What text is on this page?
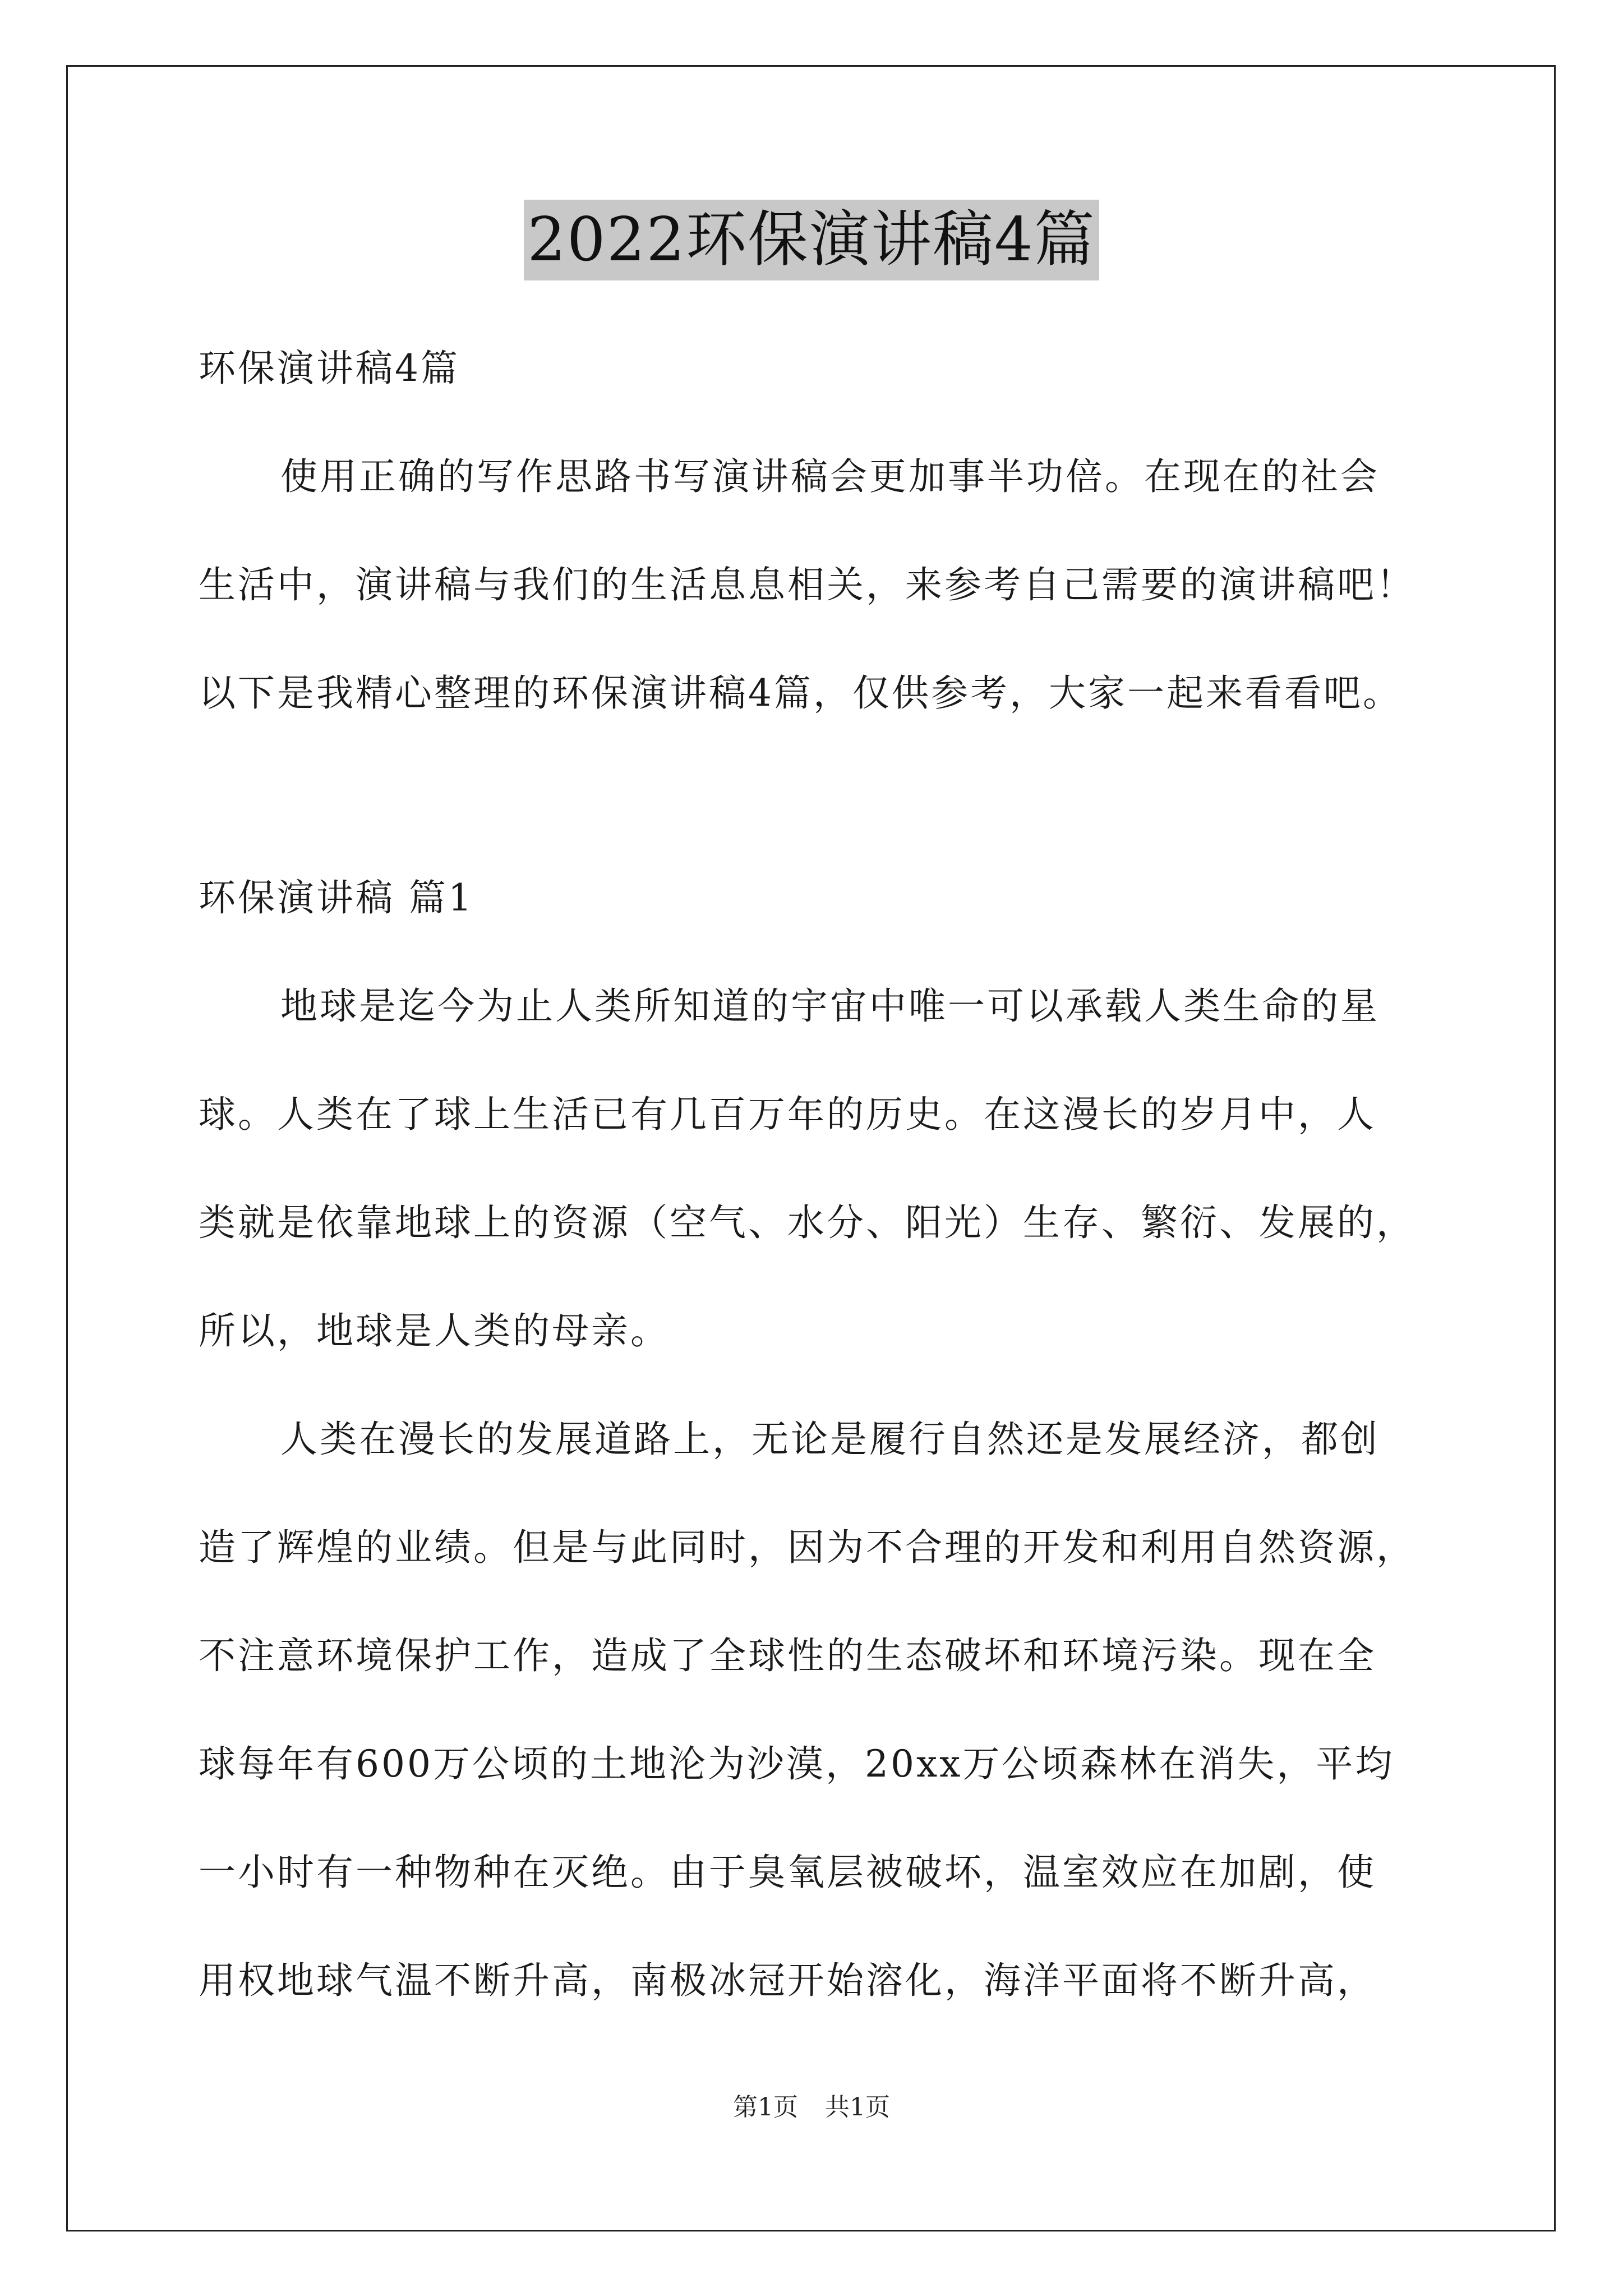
2022环保演讲稿4篇
环保演讲稿4篇
使用正确的写作思路书写演讲稿会更加事半功倍。在现在的社会
生活中，演讲稿与我们的生活息息相关，来参考自己需要的演讲稿吧！
以下是我精心整理的环保演讲稿4篇，仅供参考，大家一起来看看吧。
环保演讲稿 篇1
地球是迄今为止人类所知道的宇宙中唯一可以承载人类生命的星
球。人类在了球上生活已有几百万年的历史。在这漫长的岁月中，人
类就是依靠地球上的资源（空气、水分、阳光）生存、繁衍、发展的，
所以，地球是人类的母亲。
人类在漫长的发展道路上，无论是履行自然还是发展经济，都创
造了辉煌的业绩。但是与此同时，因为不合理的开发和利用自然资源，
不注意环境保护工作，造成了全球性的生态破坏和环境污染。现在全
球每年有600万公顷的土地沦为沙漠，20xx万公顷森林在消失，平均
一小时有一种物种在灭绝。由于臭氧层被破坏，温室效应在加剧，使
用权地球气温不断升高，南极冰冠开始溶化，海洋平面将不断升高，
第1页 共1页
